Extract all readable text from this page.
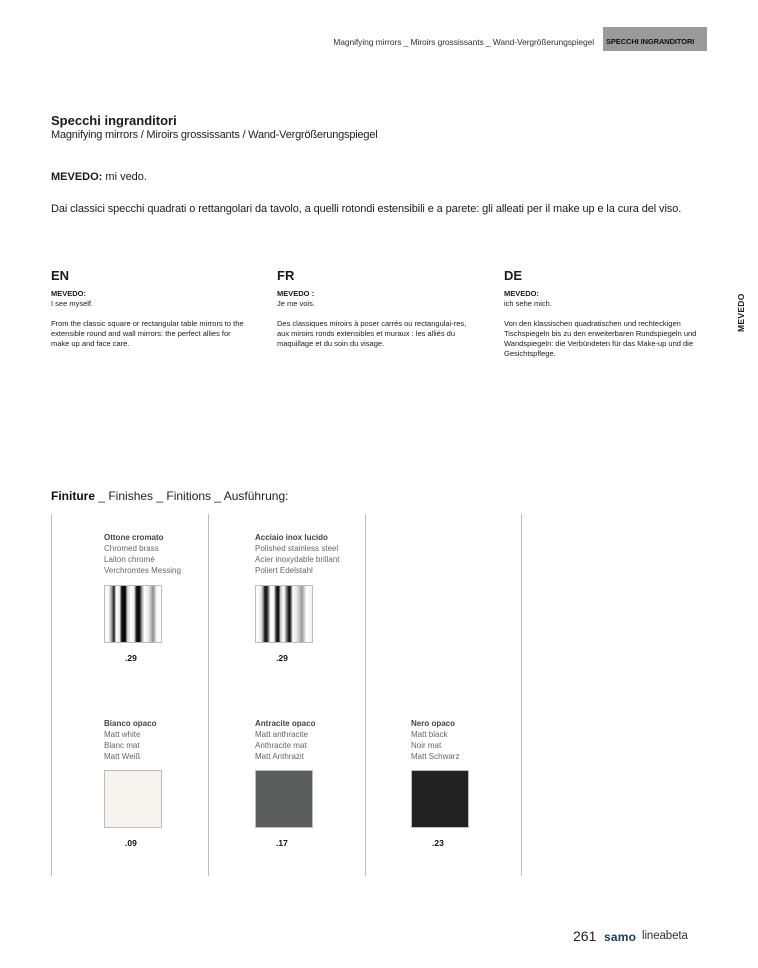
Magnifying mirrors _ Miroirs grossissants _ Wand-Vergrößerungspiegel SPECCHI INGRANDITORI
Specchi ingranditori
Magnifying mirrors / Miroirs grossissants / Wand-Vergrößerungspiegel
MEVEDO: mi vedo.
Dai classici specchi quadrati o rettangolari da tavolo, a quelli rotondi estensibili e a parete: gli alleati per il make up e la cura del viso.
EN
MEVEDO:
I see myself.
From the classic square or rectangular table mirrors to the extensible round and wall mirrors: the perfect allies for make up and face care.
FR
MEVEDO :
Je me vois.
Des classiques miroirs à poser carrés ou rectangulai-res, aux miroirs ronds extensibles et muraux : les alliés du maquillage et du soin du visage.
DE
MEVEDO:
ich sehe mich.
Von den klassischen quadratischen und rechteckigen Tischspiegeln bis zu den erweiterbaren Rundspiegeln und Wandspiegeln: die Verbündeten für das Make-up und die Gesichtspflege.
MEVEDO
Finiture _ Finishes _ Finitions _ Ausführung:
Ottone cromato
Chromed brass
Laiton chromé
Verchromtes Messing
.29
Acciaio inox lucido
Polished stainless steel
Acier inoxydable brillant
Poliert Edelstahl
.29
Bianco opaco
Matt white
Blanc mat
Matt Weiß
.09
Antracite opaco
Matt anthracite
Anthracite mat
Matt Anthrazit
.17
Nero opaco
Matt black
Noir mat
Matt Schwarz
.23
261 samo lineabeta
